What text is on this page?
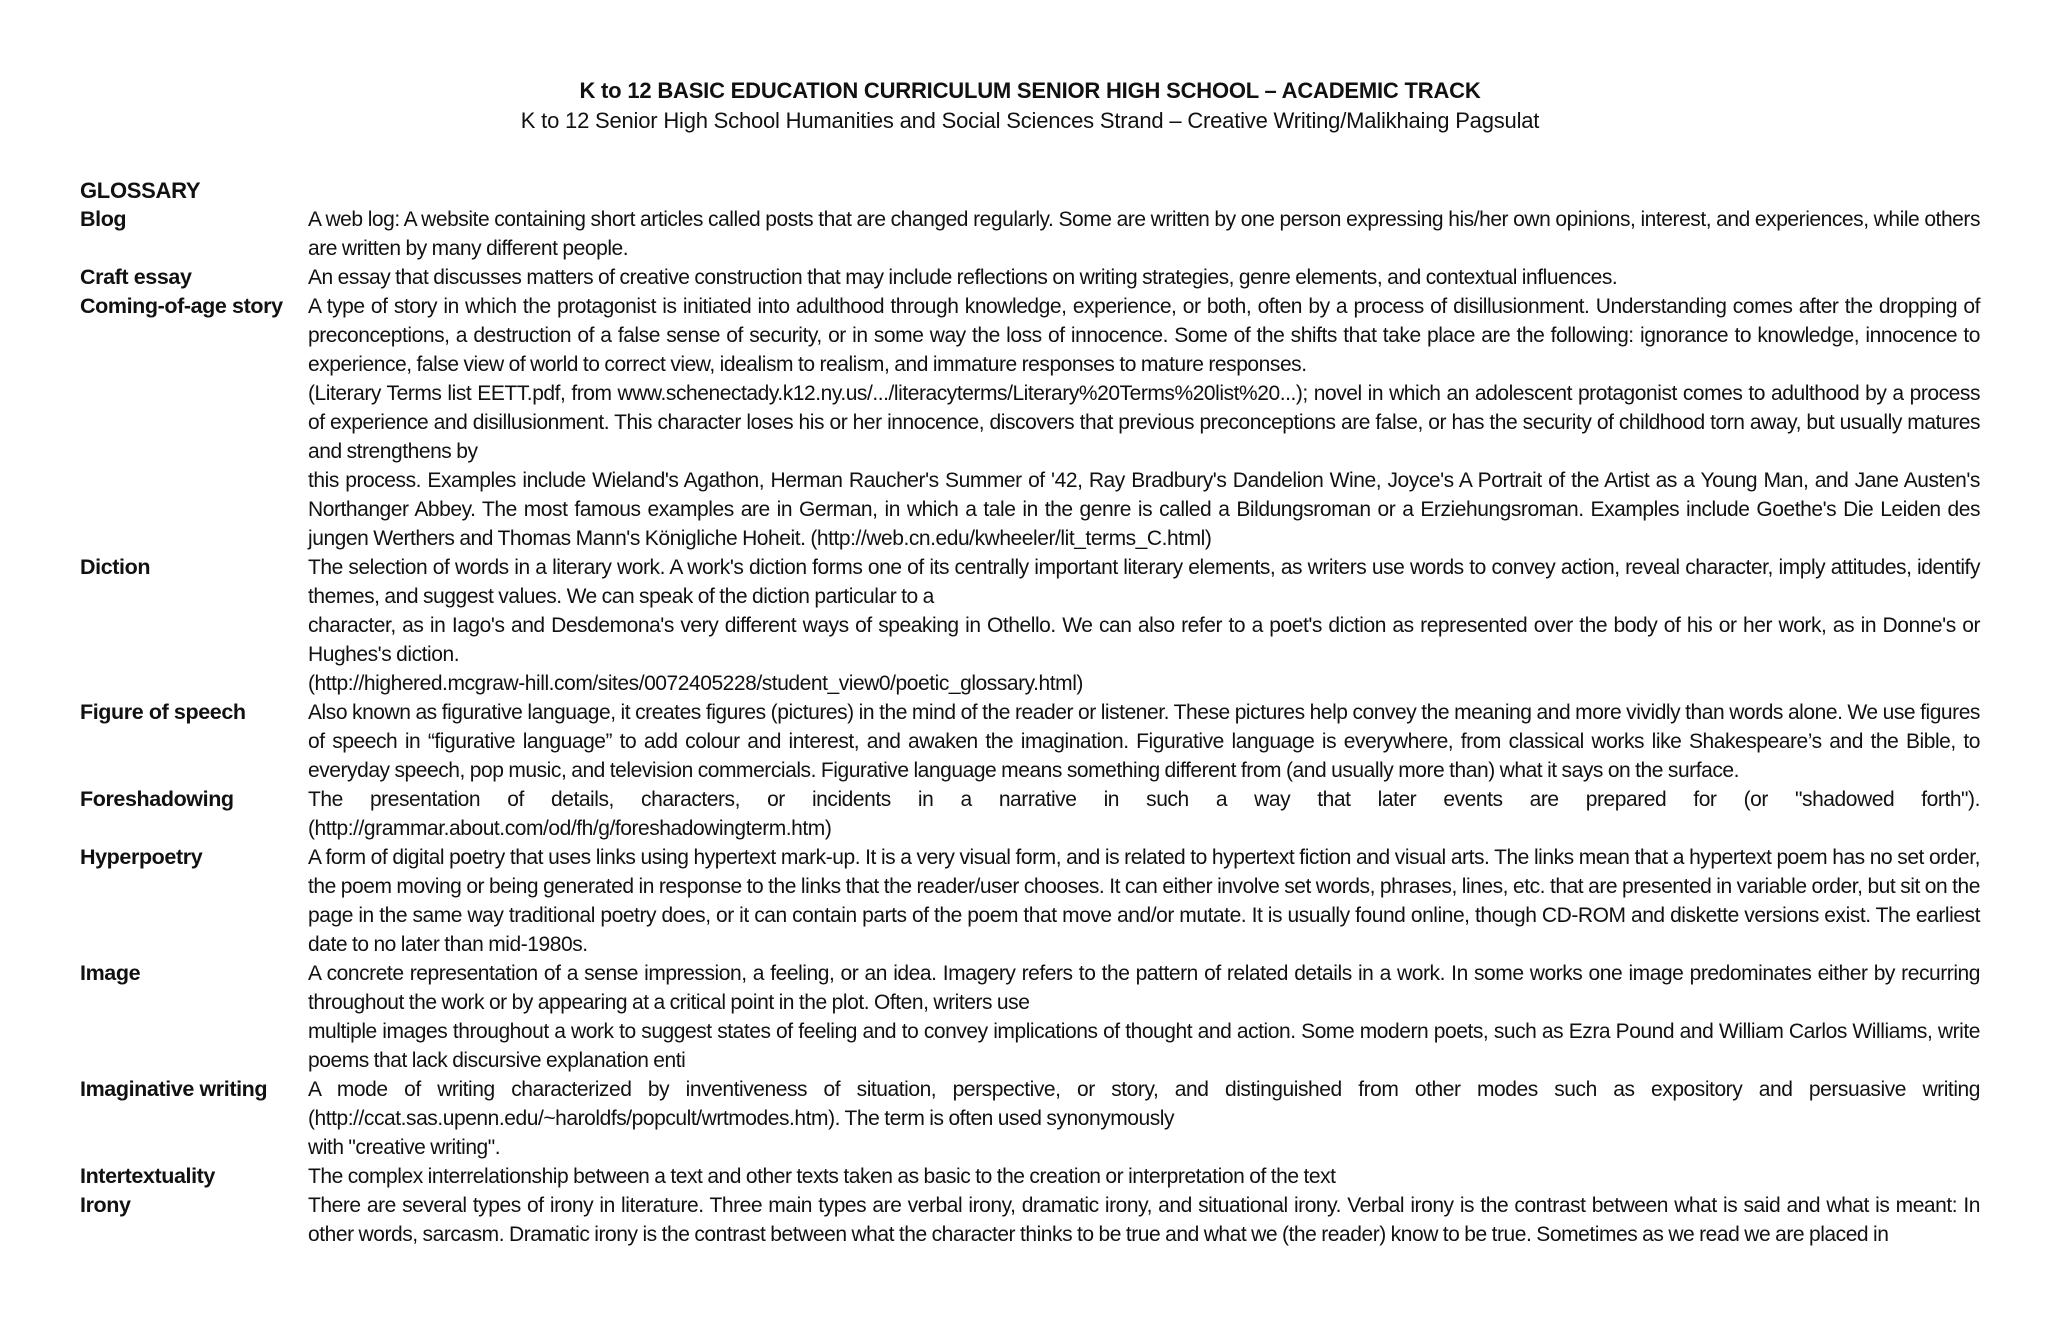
K to 12 BASIC EDUCATION CURRICULUM SENIOR HIGH SCHOOL – ACADEMIC TRACK
K to 12 Senior High School Humanities and Social Sciences Strand – Creative Writing/Malikhaing Pagsulat
GLOSSARY
Blog	A web log: A website containing short articles called posts that are changed regularly. Some are written by one person expressing his/her own opinions, interest, and experiences, while others are written by many different people.

Craft essay	An essay that discusses matters of creative construction that may include reflections on writing strategies, genre elements, and contextual influences.

Coming-of-age story	A type of story in which the protagonist is initiated into adulthood through knowledge, experience, or both, often by a process of disillusionment. Understanding comes after the dropping of preconceptions, a destruction of a false sense of security, or in some way the loss of innocence. Some of the shifts that take place are the following: ignorance to knowledge, innocence to experience, false view of world to correct view, idealism to realism, and immature responses to mature responses.

(Literary Terms list EETT.pdf, from www.schenectady.k12.ny.us/.../literacyterms/Literary%20Terms%20list%20...); novel in which an adolescent protagonist comes to adulthood by a process of experience and disillusionment. This character loses his or her innocence, discovers that previous preconceptions are false, or has the security of childhood torn away, but usually matures and strengthens by

this process. Examples include Wieland's Agathon, Herman Raucher's Summer of '42, Ray Bradbury's Dandelion Wine, Joyce's A Portrait of the Artist as a Young Man, and Jane Austen's Northanger Abbey. The most famous examples are in German, in which a tale in the genre is called a Bildungsroman or a Erziehungsroman. Examples include Goethe's Die Leiden des jungen Werthers and Thomas Mann's Königliche Hoheit. (http://web.cn.edu/kwheeler/lit_terms_C.html)

Diction	The selection of words in a literary work. A work's diction forms one of its centrally important literary elements, as writers use words to convey action, reveal character, imply attitudes, identify themes, and suggest values. We can speak of the diction particular to a

character, as in Iago's and Desdemona's very different ways of speaking in Othello. We can also refer to a poet's diction as represented over the body of his or her work, as in Donne's or Hughes's diction.

(http://highered.mcgraw-hill.com/sites/0072405228/student_view0/poetic_glossary.html)

Figure of speech	Also known as figurative language, it creates figures (pictures) in the mind of the reader or listener. These pictures help convey the meaning and more vividly than words alone. We use figures of speech in “figurative language” to add colour and interest, and awaken the imagination. Figurative language is everywhere, from classical works like Shakespeare’s and the Bible, to everyday speech, pop music, and television commercials. Figurative language means something different from (and usually more than) what it says on the surface.

Foreshadowing	The presentation of details, characters, or incidents in a narrative in such a way that later events are prepared for (or "shadowed forth"). (http://grammar.about.com/od/fh/g/foreshadowingterm.htm)

Hyperpoetry	A form of digital poetry that uses links using hypertext mark-up. It is a very visual form, and is related to hypertext fiction and visual arts. The links mean that a hypertext poem has no set order, the poem moving or being generated in response to the links that the reader/user chooses. It can either involve set words, phrases, lines, etc. that are presented in variable order, but sit on the page in the same way traditional poetry does, or it can contain parts of the poem that move and/or mutate. It is usually found online, though CD-ROM and diskette versions exist. The earliest date to no later than mid-1980s.

Image	A concrete representation of a sense impression, a feeling, or an idea. Imagery refers to the pattern of related details in a work. In some works one image predominates either by recurring throughout the work or by appearing at a critical point in the plot. Often, writers use

multiple images throughout a work to suggest states of feeling and to convey implications of thought and action. Some modern poets, such as Ezra Pound and William Carlos Williams, write poems that lack discursive explanation enti

Imaginative writing	A mode of writing characterized by inventiveness of situation, perspective, or story, and distinguished from other modes such as expository and persuasive writing (http://ccat.sas.upenn.edu/~haroldfs/popcult/wrtmodes.htm). The term is often used synonymously

with "creative writing".

Intertextuality	The complex interrelationship between a text and other texts taken as basic to the creation or interpretation of the text

Irony	There are several types of irony in literature. Three main types are verbal irony, dramatic irony, and situational irony. Verbal irony is the contrast between what is said and what is meant: In other words, sarcasm. Dramatic irony is the contrast between what the character thinks to be true and what we (the reader) know to be true. Sometimes as we read we are placed in
